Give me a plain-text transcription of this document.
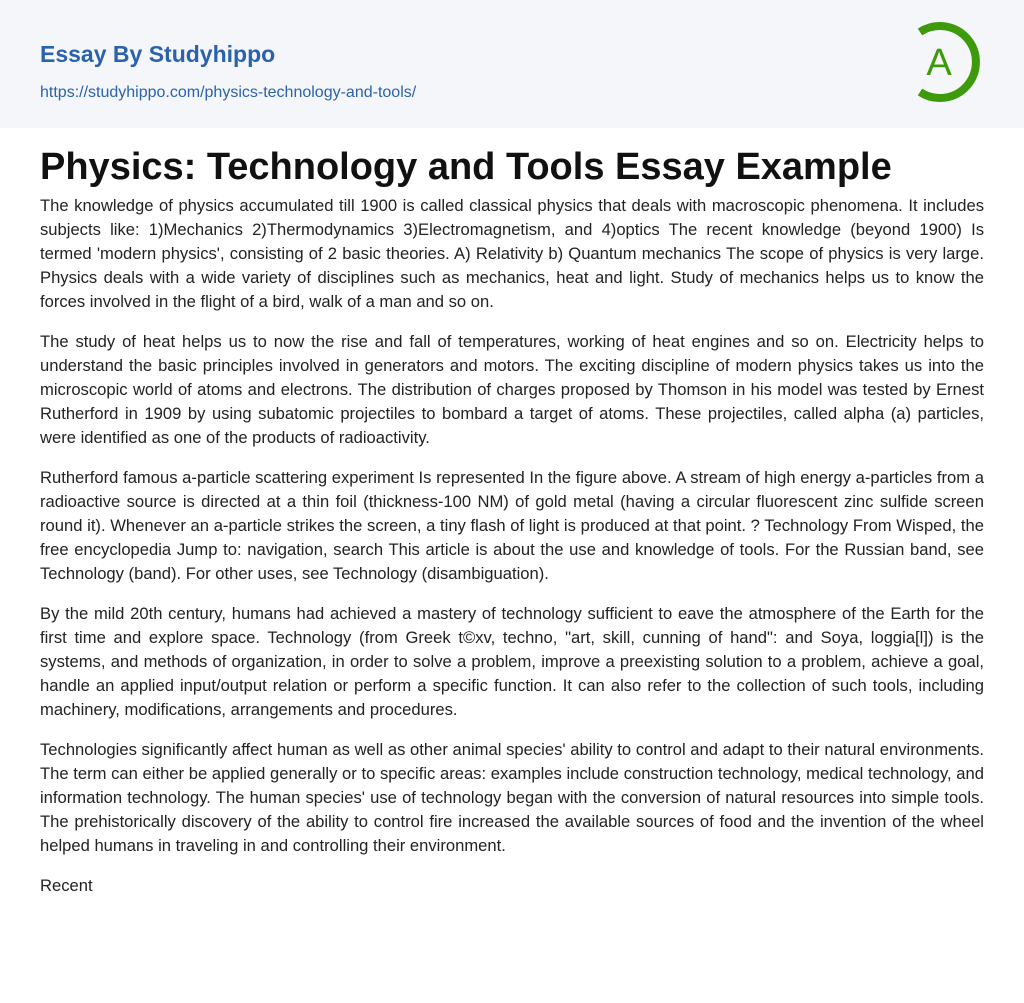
Essay By Studyhippo
https://studyhippo.com/physics-technology-and-tools/
A
Physics: Technology and Tools Essay Example

The knowledge of physics accumulated till 1900 is called classical physics that deals with macroscopic phenomena. It includes subjects like: 1)Mechanics 2)Thermodynamics 3)Electromagnetism, and 4)optics The recent knowledge (beyond 1900) Is termed 'modern physics', consisting of 2 basic theories. A) Relativity b) Quantum mechanics The scope of physics is very large. Physics deals with a wide variety of disciplines such as mechanics, heat and light. Study of mechanics helps us to know the forces involved in the flight of a bird, walk of a man and so on.

The study of heat helps us to now the rise and fall of temperatures, working of heat engines and so on. Electricity helps to understand the basic principles involved in generators and motors. The exciting discipline of modern physics takes us into the microscopic world of atoms and electrons. The distribution of charges proposed by Thomson in his model was tested by Ernest Rutherford in 1909 by using subatomic projectiles to bombard a target of atoms. These projectiles, called alpha (a) particles, were identified as one of the products of radioactivity.

Rutherford famous a-particle scattering experiment Is represented In the figure above. A stream of high energy a-particles from a radioactive source is directed at a thin foil (thickness-100 NM) of gold metal (having a circular fluorescent zinc sulfide screen round it). Whenever an a-particle strikes the screen, a tiny flash of light is produced at that point. ? Technology From Wisped, the free encyclopedia Jump to: navigation, search This article is about the use and knowledge of tools. For the Russian band, see Technology (band). For other uses, see Technology (disambiguation).

By the mild 20th century, humans had achieved a mastery of technology sufficient to eave the atmosphere of the Earth for the first time and explore space. Technology (from Greek t©xv, techno, "art, skill, cunning of hand": and Soya, loggia[l]) is the systems, and methods of organization, in order to solve a problem, improve a preexisting solution to a problem, achieve a goal, handle an applied input/output relation or perform a specific function. It can also refer to the collection of such tools, including machinery, modifications, arrangements and procedures.

Technologies significantly affect human as well as other animal species' ability to control and adapt to their natural environments. The term can either be applied generally or to specific areas: examples include construction technology, medical technology, and information technology. The human species' use of technology began with the conversion of natural resources into simple tools. The prehistorically discovery of the ability to control fire increased the available sources of food and the invention of the wheel helped humans in traveling in and controlling their environment.

Recent
